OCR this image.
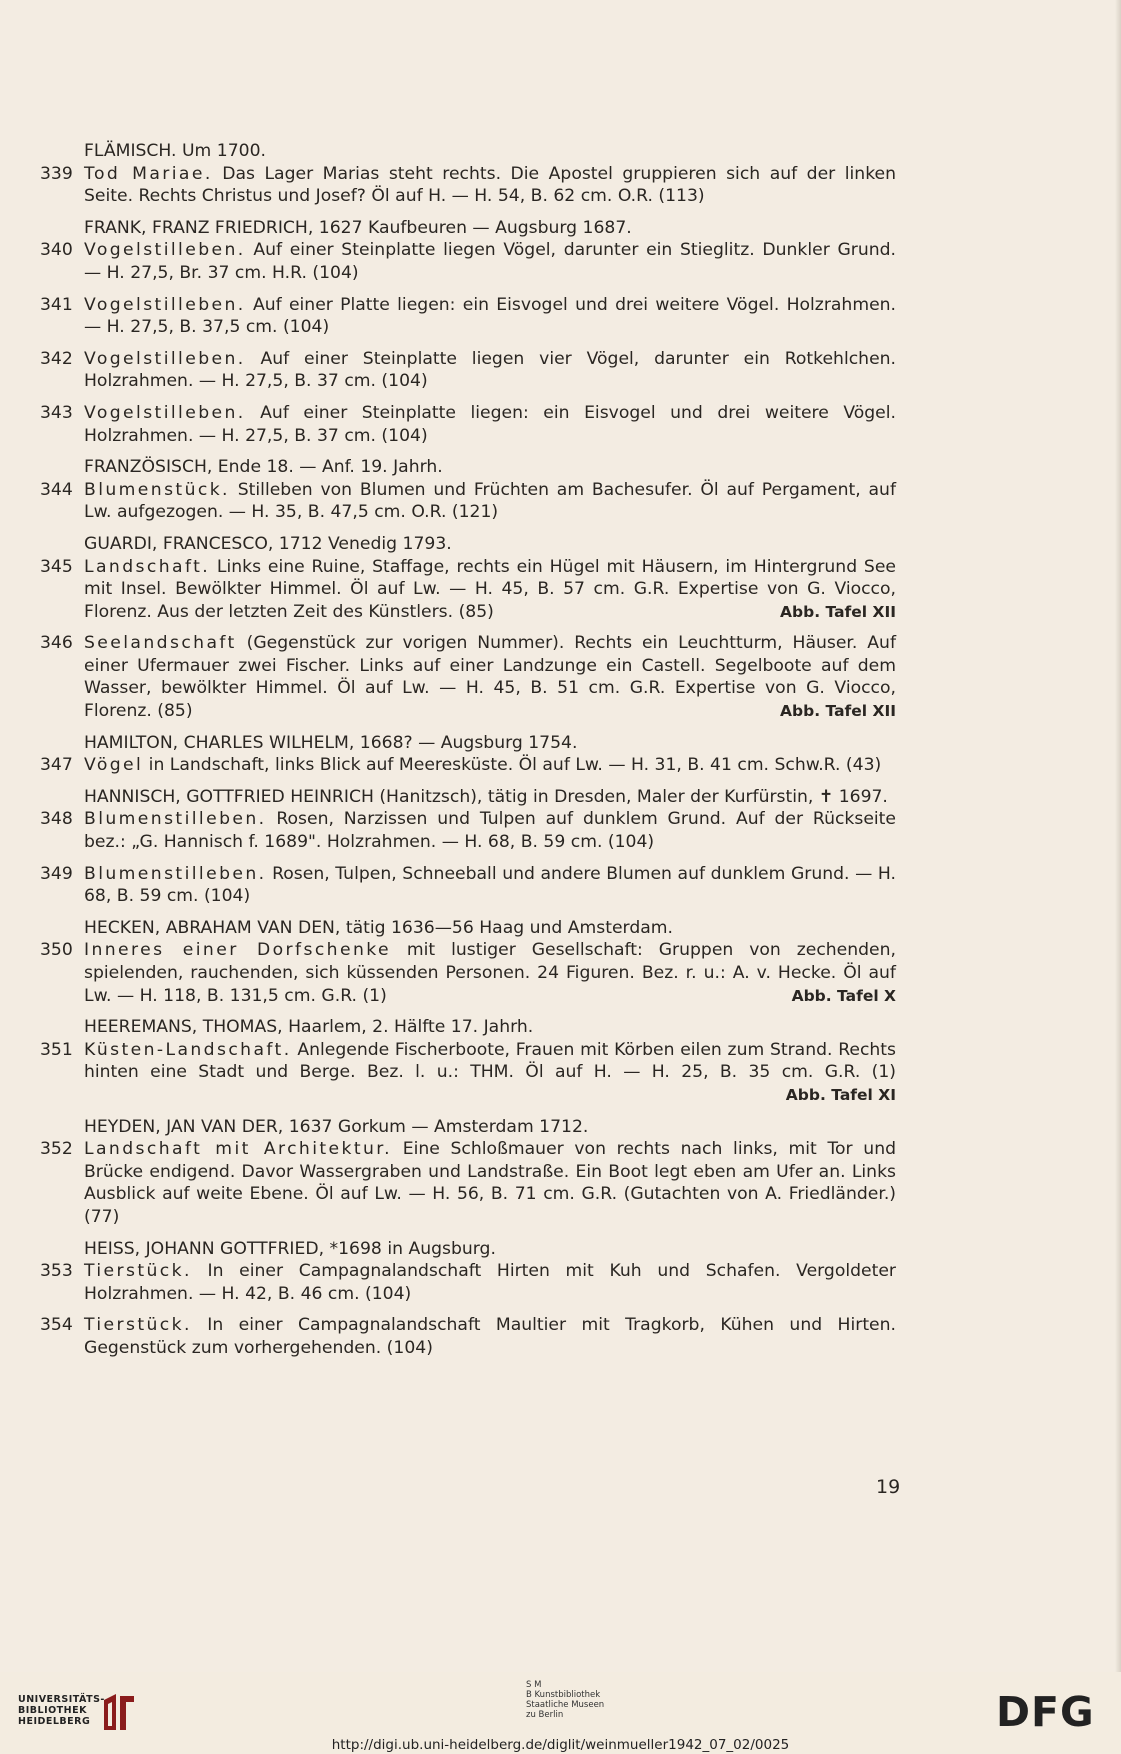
FLÄMISCH. Um 1700.
339 Tod Mariae. Das Lager Marias steht rechts. Die Apostel gruppieren sich auf der linken Seite. Rechts Christus und Josef? Öl auf H. — H. 54, B. 62 cm. O.R. (113)
FRANK, FRANZ FRIEDRICH, 1627 Kaufbeuren — Augsburg 1687.
340 Vogelstilleben. Auf einer Steinplatte liegen Vögel, darunter ein Stieglitz. Dunkler Grund. — H. 27,5, Br. 37 cm. H.R. (104)
341 Vogelstilleben. Auf einer Platte liegen: ein Eisvogel und drei weitere Vögel. Holzrahmen. — H. 27,5, B. 37,5 cm. (104)
342 Vogelstilleben. Auf einer Steinplatte liegen vier Vögel, darunter ein Rotkehlchen. Holzrahmen. — H. 27,5, B. 37 cm. (104)
343 Vogelstilleben. Auf einer Steinplatte liegen: ein Eisvogel und drei weitere Vögel. Holzrahmen. — H. 27,5, B. 37 cm. (104)
FRANZÖSISCH, Ende 18. — Anf. 19. Jahrh.
344 Blumenstück. Stilleben von Blumen und Früchten am Bachesufer. Öl auf Pergament, auf Lw. aufgezogen. — H. 35, B. 47,5 cm. O.R. (121)
GUARDI, FRANCESCO, 1712 Venedig 1793.
345
Abb. Tafel XII
Landschaft. Links eine Ruine, Staffage, rechts ein Hügel mit Häusern, im Hintergrund See mit Insel. Bewölkter Himmel. Öl auf Lw. — H. 45, B. 57 cm. G.R. Expertise von G. Viocco, Florenz. Aus der letzten Zeit des Künstlers. (85)
346
Abb. Tafel XII
Seelandschaft (Gegenstück zur vorigen Nummer). Rechts ein Leuchtturm, Häuser. Auf einer Ufermauer zwei Fischer. Links auf einer Landzunge ein Castell. Segelboote auf dem Wasser, bewölkter Himmel. Öl auf Lw. — H. 45, B. 51 cm. G.R. Expertise von G. Viocco, Florenz. (85)
HAMILTON, CHARLES WILHELM, 1668? — Augsburg 1754.
347 Vögel in Landschaft, links Blick auf Meeresküste. Öl auf Lw. — H. 31, B. 41 cm. Schw.R. (43)
HANNISCH, GOTTFRIED HEINRICH (Hanitzsch), tätig in Dresden, Maler der Kurfürstin, ✝ 1697.
348 Blumenstilleben. Rosen, Narzissen und Tulpen auf dunklem Grund. Auf der Rückseite bez.: „G. Hannisch f. 1689". Holzrahmen. — H. 68, B. 59 cm. (104)
349 Blumenstilleben. Rosen, Tulpen, Schneeball und andere Blumen auf dunklem Grund. — H. 68, B. 59 cm. (104)
HECKEN, ABRAHAM VAN DEN, tätig 1636—56 Haag und Amsterdam.
350
Abb. Tafel X
Inneres einer Dorfschenke mit lustiger Gesellschaft: Gruppen von zechenden, spielenden, rauchenden, sich küssenden Personen. 24 Figuren. Bez. r. u.: A. v. Hecke. Öl auf Lw. — H. 118, B. 131,5 cm. G.R. (1)
HEEREMANS, THOMAS, Haarlem, 2. Hälfte 17. Jahrh.
351
Abb. Tafel XI
Küsten-Landschaft. Anlegende Fischerboote, Frauen mit Körben eilen zum Strand. Rechts hinten eine Stadt und Berge. Bez. l. u.: THM. Öl auf H. — H. 25, B. 35 cm. G.R. (1)
HEYDEN, JAN VAN DER, 1637 Gorkum — Amsterdam 1712.
352 Landschaft mit Architektur. Eine Schloßmauer von rechts nach links, mit Tor und Brücke endigend. Davor Wassergraben und Landstraße. Ein Boot legt eben am Ufer an. Links Ausblick auf weite Ebene. Öl auf Lw. — H. 56, B. 71 cm. G.R. (Gutachten von A. Friedländer.) (77)
HEISS, JOHANN GOTTFRIED, *1698 in Augsburg.
353 Tierstück. In einer Campagnalandschaft Hirten mit Kuh und Schafen. Vergoldeter Holzrahmen. — H. 42, B. 46 cm. (104)
354 Tierstück. In einer Campagnalandschaft Maultier mit Tragkorb, Kühen und Hirten. Gegenstück zum vorhergehenden. (104)
19
UNIVERSITÄTS-
BIBLIOTHEK
HEIDELBERG
S M
B Kunstbibliothek
Staatliche Museen
zu Berlin	DFG
http://digi.ub.uni-heidelberg.de/diglit/weinmueller1942_07_02/0025
